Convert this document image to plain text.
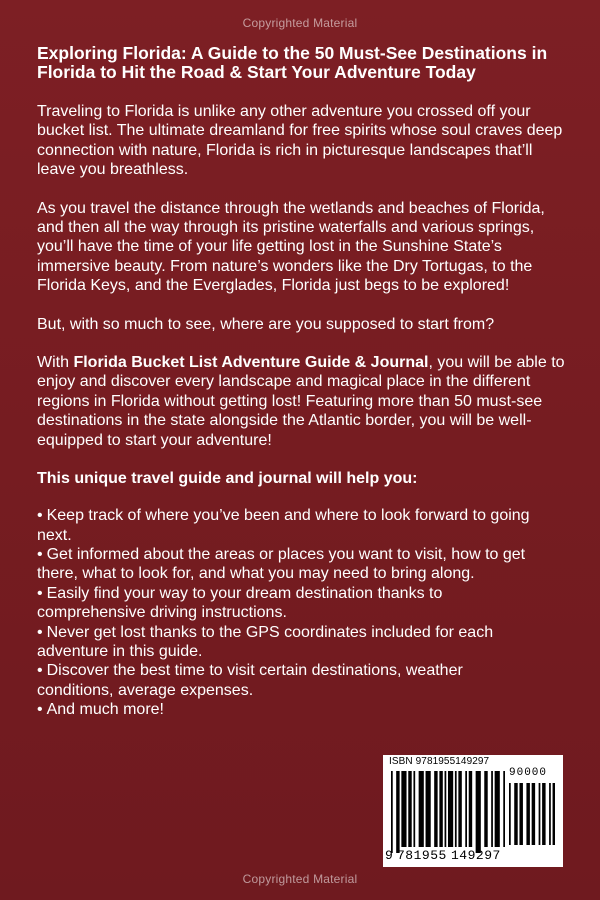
Copyrighted Material
Exploring Florida: A Guide to the 50 Must-See Destinations in Florida to Hit the Road & Start Your Adventure Today

Traveling to Florida is unlike any other adventure you crossed off your bucket list. The ultimate dreamland for free spirits whose soul craves deep connection with nature, Florida is rich in picturesque landscapes that’ll leave you breathless.

As you travel the distance through the wetlands and beaches of Florida, and then all the way through its pristine waterfalls and various springs, you’ll have the time of your life getting lost in the Sunshine State’s immersive beauty. From nature’s wonders like the Dry Tortugas, to the Florida Keys, and the Everglades, Florida just begs to be explored!

But, with so much to see, where are you supposed to start from?

With Florida Bucket List Adventure Guide & Journal, you will be able to enjoy and discover every landscape and magical place in the different regions in Florida without getting lost! Featuring more than 50 must-see destinations in the state alongside the Atlantic border, you will be well-equipped to start your adventure!

This unique travel guide and journal will help you:
• Keep track of where you’ve been and where to look forward to going next.
• Get informed about the areas or places you want to visit, how to get there, what to look for, and what you may need to bring along.
• Easily find your way to your dream destination thanks to comprehensive driving instructions.
• Never get lost thanks to the GPS coordinates included for each adventure in this guide.
• Discover the best time to visit certain destinations, weather conditions, average expenses.
• And much more!
ISBN 9781955149297
90000
9 781955 149297
Copyrighted Material
